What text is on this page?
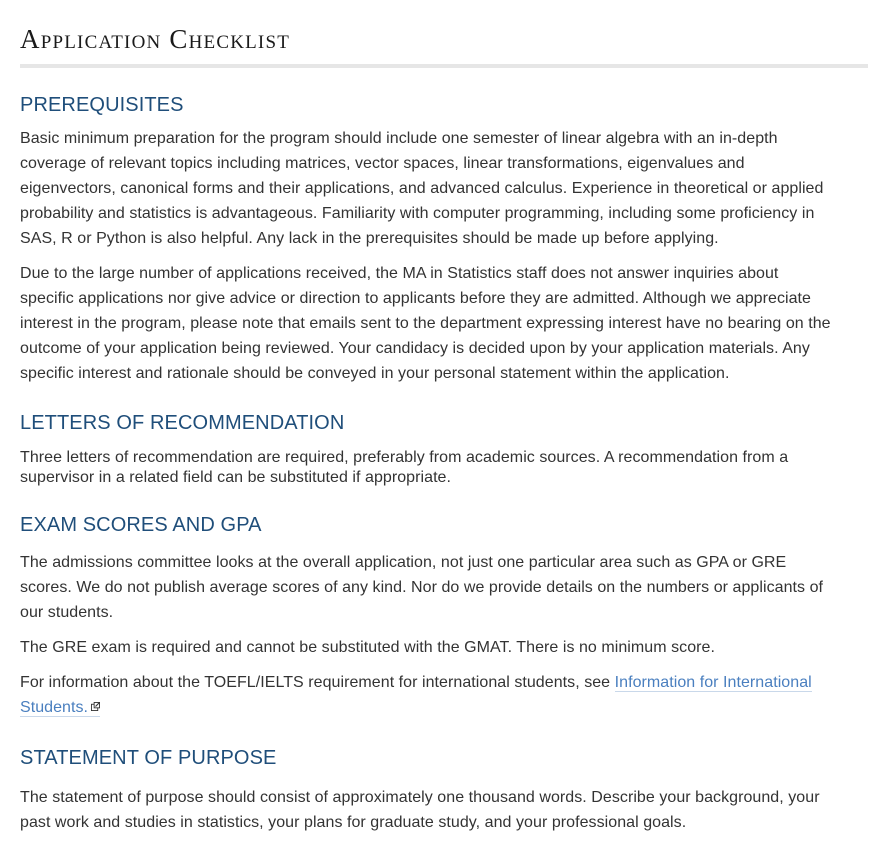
Application Checklist
PREREQUISITES

Basic minimum preparation for the program should include one semester of linear algebra with an in-depth
coverage of relevant topics including matrices, vector spaces, linear transformations, eigenvalues and
eigenvectors, canonical forms and their applications, and advanced calculus. Experience in theoretical or applied
probability and statistics is advantageous. Familiarity with computer programming, including some proficiency in
SAS, R or Python is also helpful. Any lack in the prerequisites should be made up before applying.

Due to the large number of applications received, the MA in Statistics staff does not answer inquiries about
specific applications nor give advice or direction to applicants before they are admitted. Although we appreciate
interest in the program, please note that emails sent to the department expressing interest have no bearing on the
outcome of your application being reviewed. Your candidacy is decided upon by your application materials. Any
specific interest and rationale should be conveyed in your personal statement within the application.

LETTERS OF RECOMMENDATION

Three letters of recommendation are required, preferably from academic sources. A recommendation from a
supervisor in a related field can be substituted if appropriate.

EXAM SCORES AND GPA

The admissions committee looks at the overall application, not just one particular area such as GPA or GRE
scores. We do not publish average scores of any kind. Nor do we provide details on the numbers or applicants of
our students.

The GRE exam is required and cannot be substituted with the GMAT. There is no minimum score.

For information about the TOEFL/IELTS requirement for international students, see Information for International
Students.

STATEMENT OF PURPOSE

The statement of purpose should consist of approximately one thousand words. Describe your background, your
past work and studies in statistics, your plans for graduate study, and your professional goals.
